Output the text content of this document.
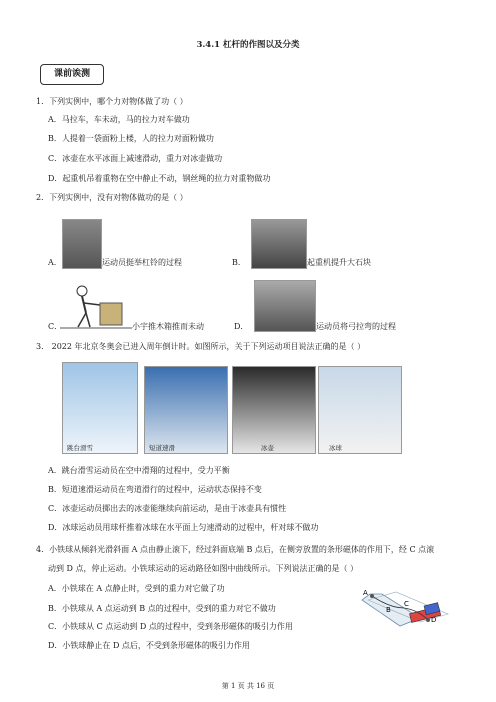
3.4.1 杠杆的作图以及分类
课前诶测
1．下列实例中，哪个力对物体做了功（ ）
A．马拉车，车未动，马的拉力对车做功
B．人提着一袋面粉上楼，人的拉力对面粉做功
C．冰壶在水平冰面上减速滑动，重力对冰壶做功
D．起重机吊着重物在空中静止不动，钢丝绳的拉力对重物做功
2．下列实例中，没有对物体做功的是（ ）
A．	运动员挺举杠铃的过程	B．	起重机提升大石块
C．	小宇推木箱推而未动	D．	运动员将弓拉弯的过程
3． 2022 年北京冬奥会已进入周年倒计时。如图所示，关于下列运动项目说法正确的是（ ）
跳台滑雪	短道速滑	冰壶	冰球
A．跳台滑雪运动员在空中滑翔的过程中，受力平衡
B．短道速滑运动员在弯道滑行的过程中，运动状态保持不变
C．冰壶运动员掷出去的冰壶能继续向前运动，是由于冰壶具有惯性
D．冰球运动员用球杆推着冰球在水平面上匀速滑动的过程中，杆对球不做功
4．小铁球从倾斜光滑斜面 A 点由静止滚下，经过斜面底端 B 点后，在侧旁放置的条形磁体的作用下，经 C 点滚
动到 D 点，停止运动。小铁球运动的运动路径如图中曲线所示。下列说法正确的是（ ）
A．小铁球在 A 点静止时，受到的重力对它做了功
B．小铁球从 A 点运动到 B 点的过程中，受到的重力对它不做功
C．小铁球从 C 点运动到 D 点的过程中，受到条形磁体的吸引力作用
D．小铁球静止在 D 点后，不受到条形磁体的吸引力作用
A
B
C
D
第 1 页 共 16 页
